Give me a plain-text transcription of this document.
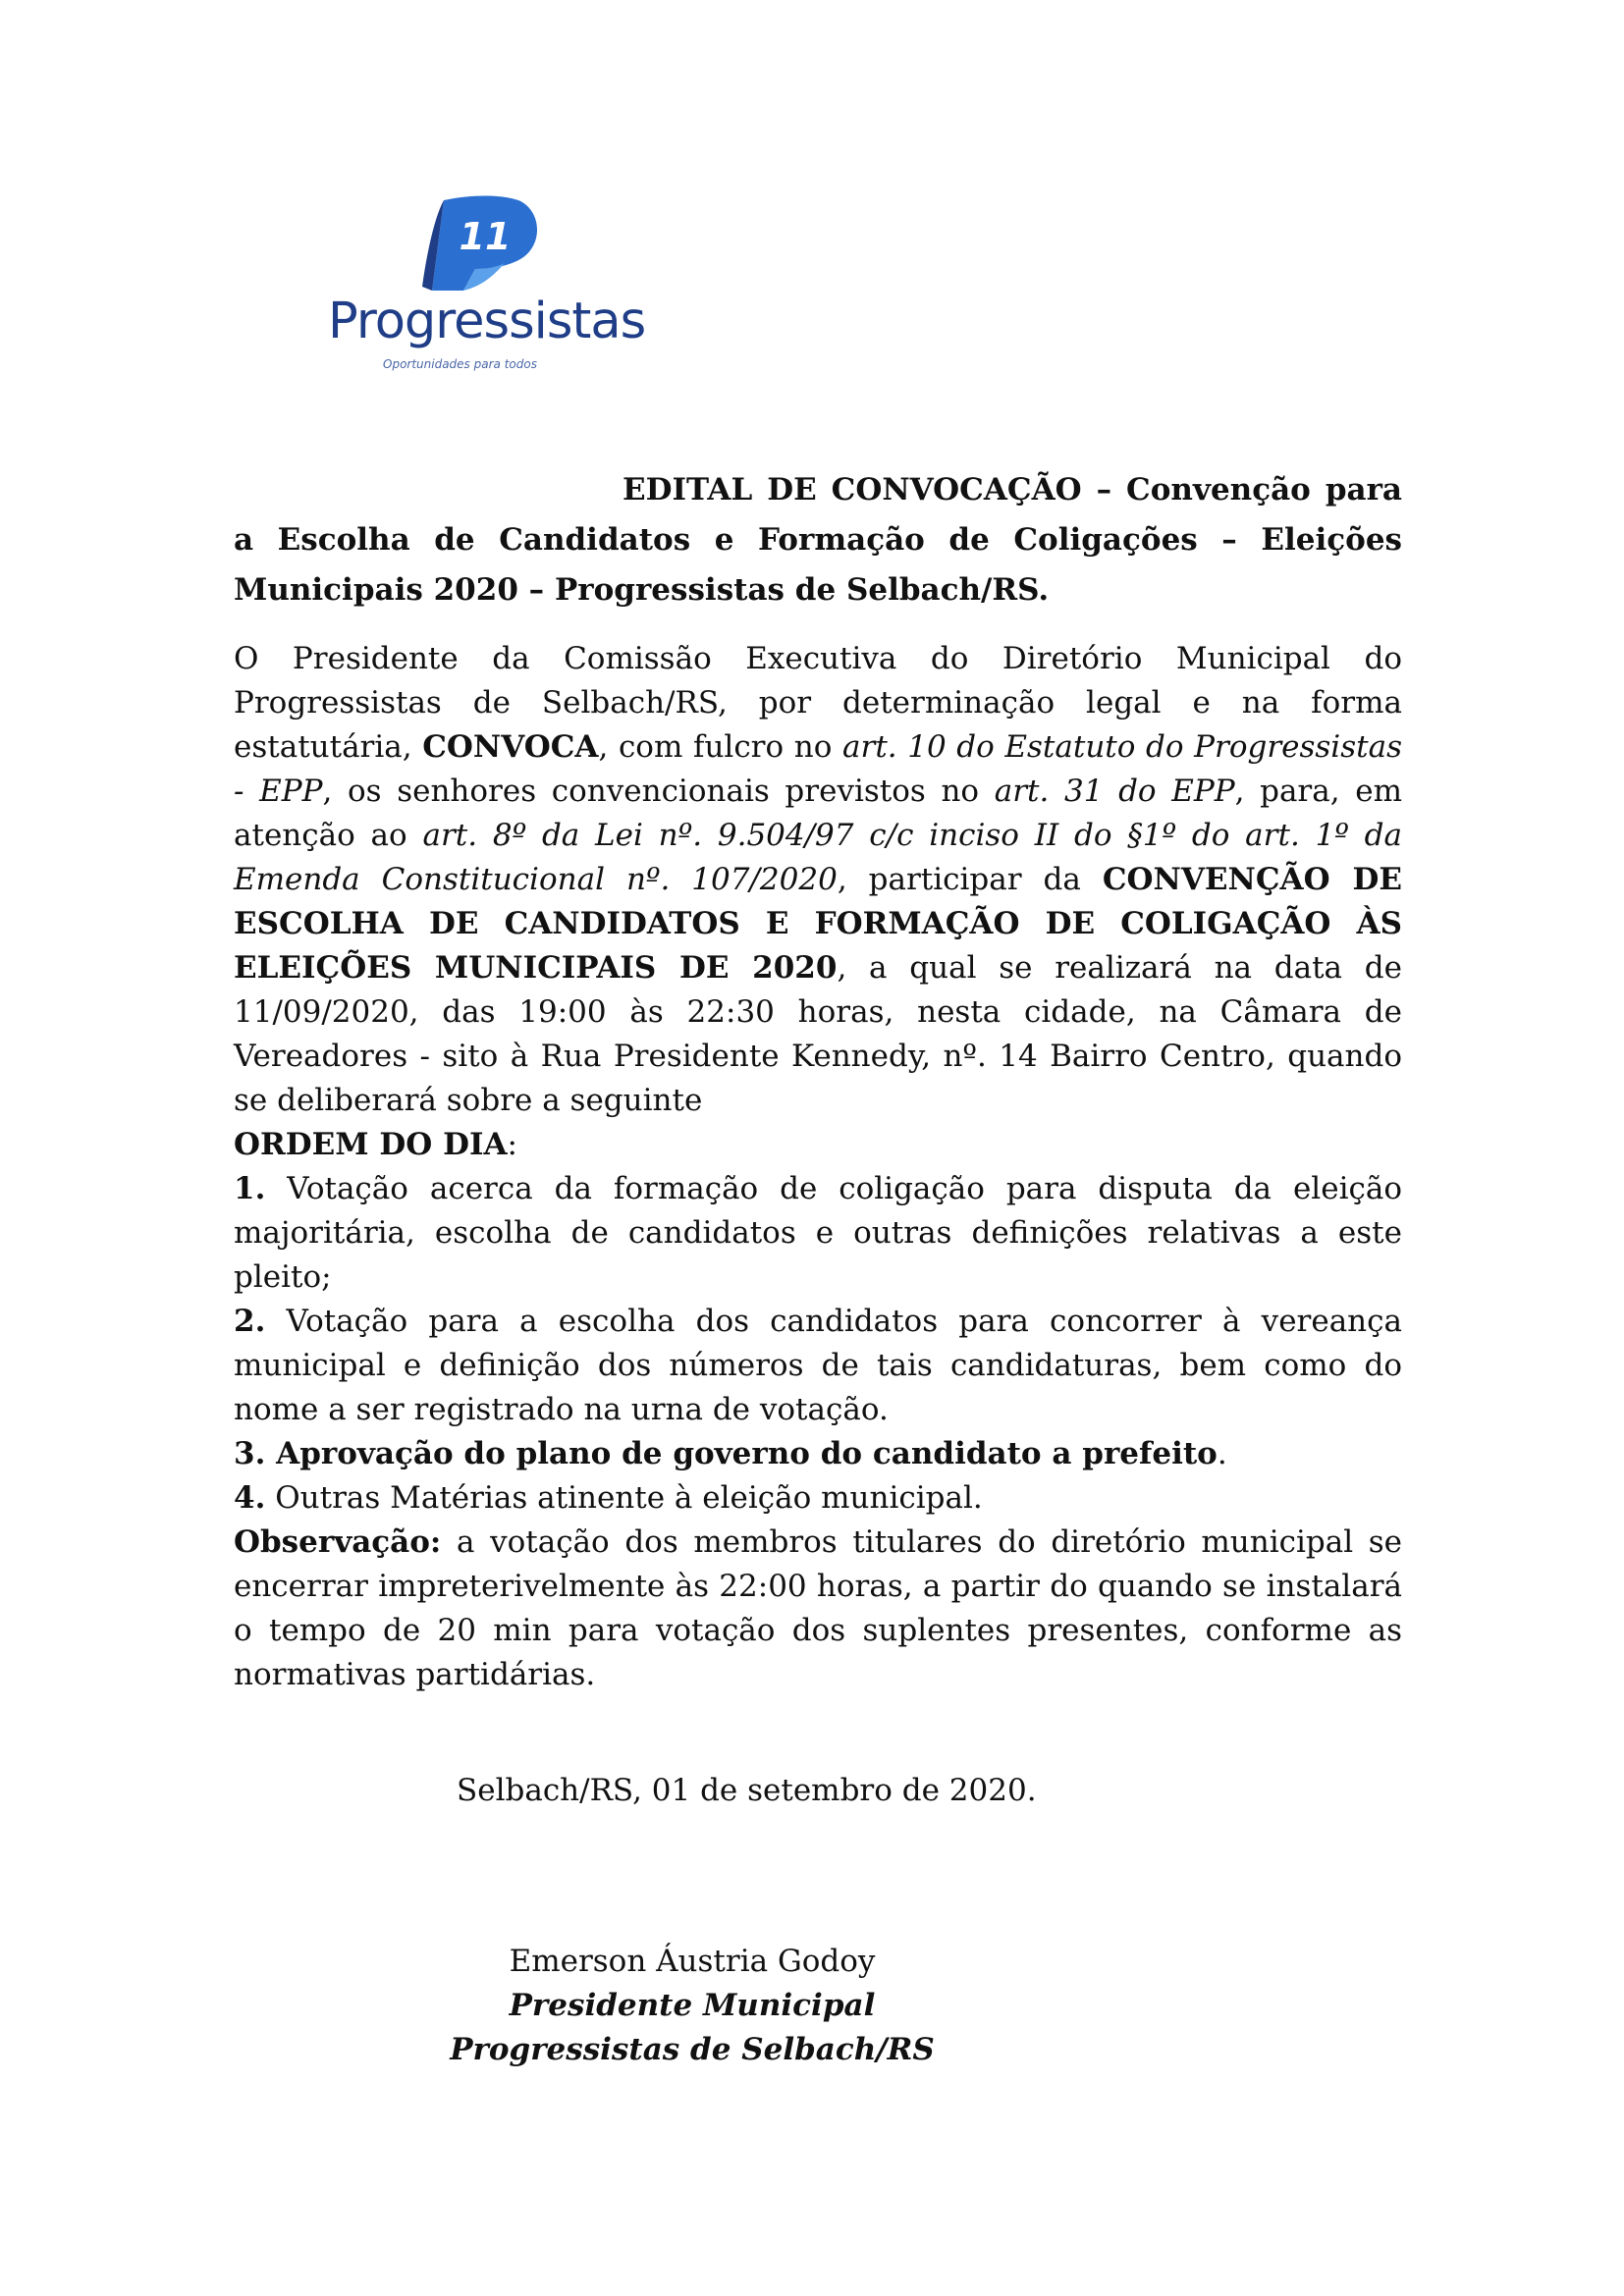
11
Progressistas
Oportunidades para todos

EDITAL DE CONVOCAÇÃO – Convenção para a Escolha de Candidatos e Formação de Coligações – Eleições Municipais 2020 – Progressistas de Selbach/RS.

O Presidente da Comissão Executiva do Diretório Municipal do Progressistas de Selbach/RS, por determinação legal e na forma estatutária, CONVOCA, com fulcro no art. 10 do Estatuto do Progressistas - EPP, os senhores convencionais previstos no art. 31 do EPP, para, em atenção ao art. 8º da Lei nº. 9.504/97 c/c inciso II do §1º do art. 1º da Emenda Constitucional nº. 107/2020, participar da CONVENÇÃO DE ESCOLHA DE CANDIDATOS E FORMAÇÃO DE COLIGAÇÃO ÀS ELEIÇÕES MUNICIPAIS DE 2020, a qual se realizará na data de 11/09/2020, das 19:00 às 22:30 horas, nesta cidade, na Câmara de Vereadores - sito à Rua Presidente Kennedy, nº. 14 Bairro Centro, quando se deliberará sobre a seguinte

ORDEM DO DIA:

1. Votação acerca da formação de coligação para disputa da eleição majoritária, escolha de candidatos e outras definições relativas a este pleito;

2. Votação para a escolha dos candidatos para concorrer à vereança municipal e definição dos números de tais candidaturas, bem como do nome a ser registrado na urna de votação.

3. Aprovação do plano de governo do candidato a prefeito.

4. Outras Matérias atinente à eleição municipal.

Observação: a votação dos membros titulares do diretório municipal se encerrar impreterivelmente às 22:00 horas, a partir do quando se instalará o tempo de 20 min para votação dos suplentes presentes, conforme as normativas partidárias.

Selbach/RS, 01 de setembro de 2020.
Emerson Áustria Godoy
Presidente Municipal
Progressistas de Selbach/RS
